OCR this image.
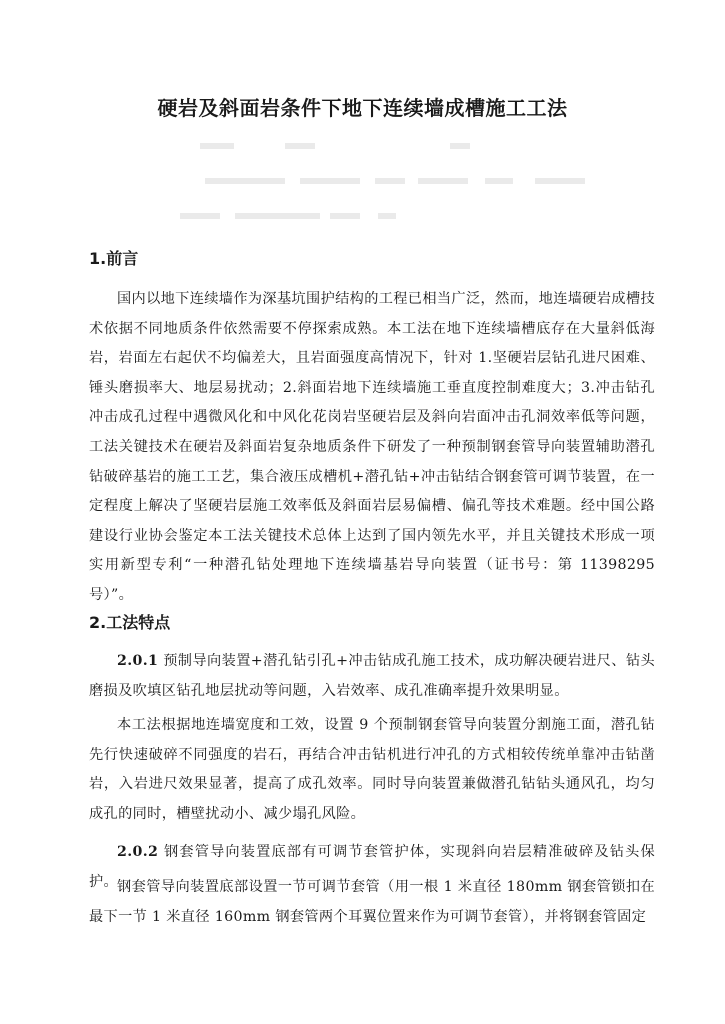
硬岩及斜面岩条件下地下连续墙成槽施工工法
1.前言
国内以地下连续墙作为深基坑围护结构的工程已相当广泛，然而，地连墙硬岩成槽技术依据不同地质条件依然需要不停探索成熟。本工法在地下连续墙槽底存在大量斜低海岩，岩面左右起伏不均偏差大，且岩面强度高情况下，针对 1.坚硬岩层钻孔进尺困难、锤头磨损率大、地层易扰动；2.斜面岩地下连续墙施工垂直度控制难度大；3.冲击钻孔冲击成孔过程中遇微风化和中风化花岗岩坚硬岩层及斜向岩面冲击孔洞效率低等问题，工法关键技术在硬岩及斜面岩复杂地质条件下研发了一种预制钢套管导向装置辅助潜孔钻破碎基岩的施工工艺，集合液压成槽机+潜孔钻+冲击钻结合钢套管可调节装置，在一定程度上解决了坚硬岩层施工效率低及斜面岩层易偏槽、偏孔等技术难题。经中国公路建设行业协会鉴定本工法关键技术总体上达到了国内领先水平，并且关键技术形成一项实用新型专利“一种潜孔钻处理地下连续墙基岩导向装置（证书号：第 11398295 号）”。
2.工法特点
2.0.1 预制导向装置+潜孔钻引孔+冲击钻成孔施工技术，成功解决硬岩进尺、钻头磨损及吹填区钻孔地层扰动等问题，入岩效率、成孔准确率提升效果明显。
本工法根据地连墙宽度和工效，设置 9 个预制钢套管导向装置分割施工面，潜孔钻先行快速破碎不同强度的岩石，再结合冲击钻机进行冲孔的方式相较传统单靠冲击钻凿岩，入岩进尺效果显著，提高了成孔效率。同时导向装置兼做潜孔钻钻头通风孔，均匀成孔的同时，槽壁扰动小、减少塌孔风险。
2.0.2 钢套管导向装置底部有可调节套管护体，实现斜向岩层精准破碎及钻头保护。
钢套管导向装置底部设置一节可调节套管（用一根 1 米直径 180mm 钢套管锁扣在最下一节 1 米直径 160mm 钢套管两个耳翼位置来作为可调节套管），并将钢套管固定
